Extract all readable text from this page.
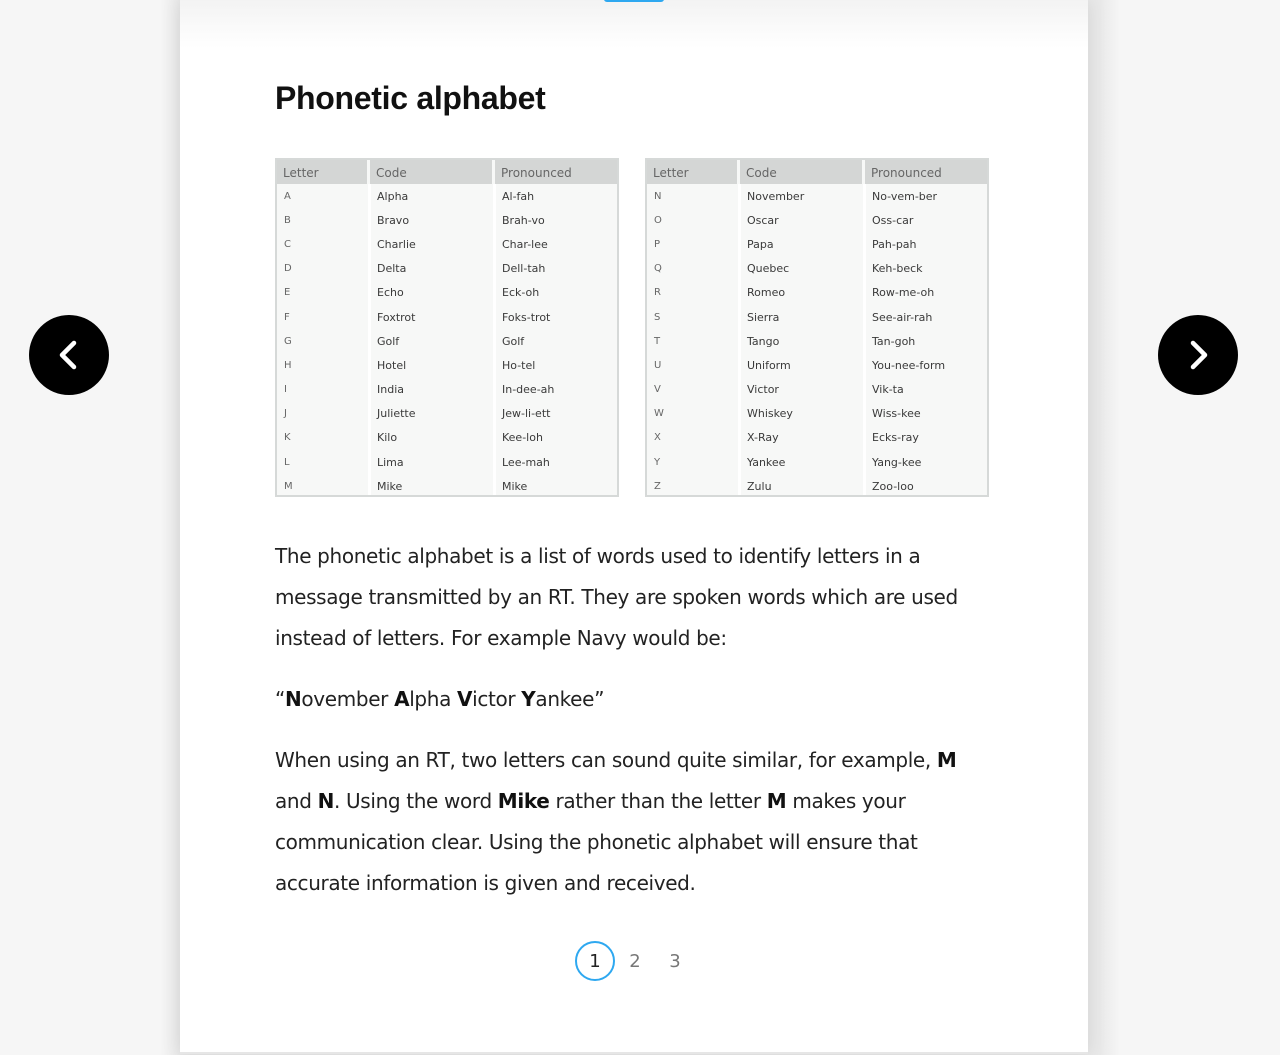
Phonetic alphabet
Letter	Code	Pronounced
A	Alpha	Al-fah
B	Bravo	Brah-vo
C	Charlie	Char-lee
D	Delta	Dell-tah
E	Echo	Eck-oh
F	Foxtrot	Foks-trot
G	Golf	Golf
H	Hotel	Ho-tel
I	India	In-dee-ah
J	Juliette	Jew-li-ett
K	Kilo	Kee-loh
L	Lima	Lee-mah
M	Mike	Mike
Letter	Code	Pronounced
N	November	No-vem-ber
O	Oscar	Oss-car
P	Papa	Pah-pah
Q	Quebec	Keh-beck
R	Romeo	Row-me-oh
S	Sierra	See-air-rah
T	Tango	Tan-goh
U	Uniform	You-nee-form
V	Victor	Vik-ta
W	Whiskey	Wiss-kee
X	X-Ray	Ecks-ray
Y	Yankee	Yang-kee
Z	Zulu	Zoo-loo

The phonetic alphabet is a list of words used to identify letters in a message transmitted by an RT. They are spoken words which are used instead of letters. For example Navy would be:

“November Alpha Victor Yankee”

When using an RT, two letters can sound quite similar, for example, M and N. Using the word Mike rather than the letter M makes your communication clear. Using the phonetic alphabet will ensure that accurate information is given and received.

1	2	3
